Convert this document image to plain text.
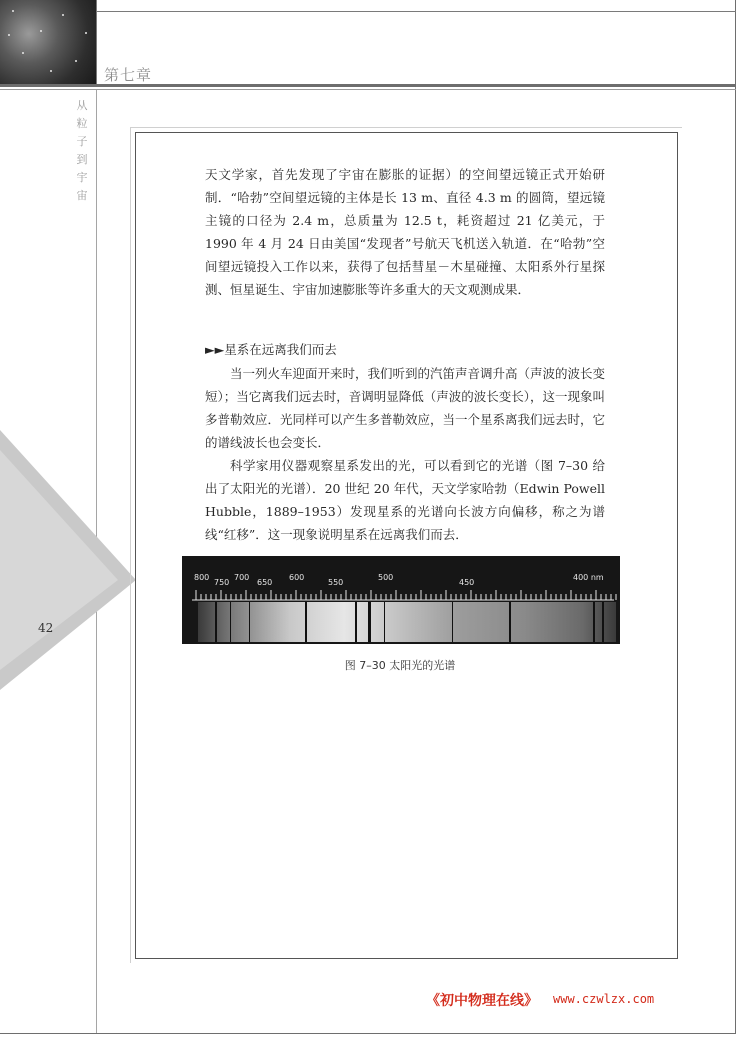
第七章
从
粒
子
到
宇
宙
42

天文学家，首先发现了宇宙在膨胀的证据）的空间望远镜正式开始研制．“哈勃”空间望远镜的主体是长 13 m、直径 4.3 m 的圆筒，望远镜主镜的口径为 2.4 m，总质量为 12.5 t，耗资超过 21 亿美元，于 1990 年 4 月 24 日由美国“发现者”号航天飞机送入轨道．在“哈勃”空间望远镜投入工作以来，获得了包括彗星－木星碰撞、太阳系外行星探测、恒星诞生、宇宙加速膨胀等许多重大的天文观测成果．

►►星系在远离我们而去

当一列火车迎面开来时，我们听到的汽笛声音调升高（声波的波长变短）；当它离我们远去时，音调明显降低（声波的波长变长），这一现象叫多普勒效应．光同样可以产生多普勒效应，当一个星系离我们远去时，它的谱线波长也会变长．

科学家用仪器观察星系发出的光，可以看到它的光谱（图 7–30 给出了太阳光的光谱）．20 世纪 20 年代，天文学家哈勃（Edwin Powell Hubble，1889–1953）发现星系的光谱向长波方向偏移，称之为谱线“红移”．这一现象说明星系在远离我们而去．

800
750
700
650
600
550
500
450
400 nm
图 7–30 太阳光的光谱
《初中物理在线》 www.czwlzx.com
